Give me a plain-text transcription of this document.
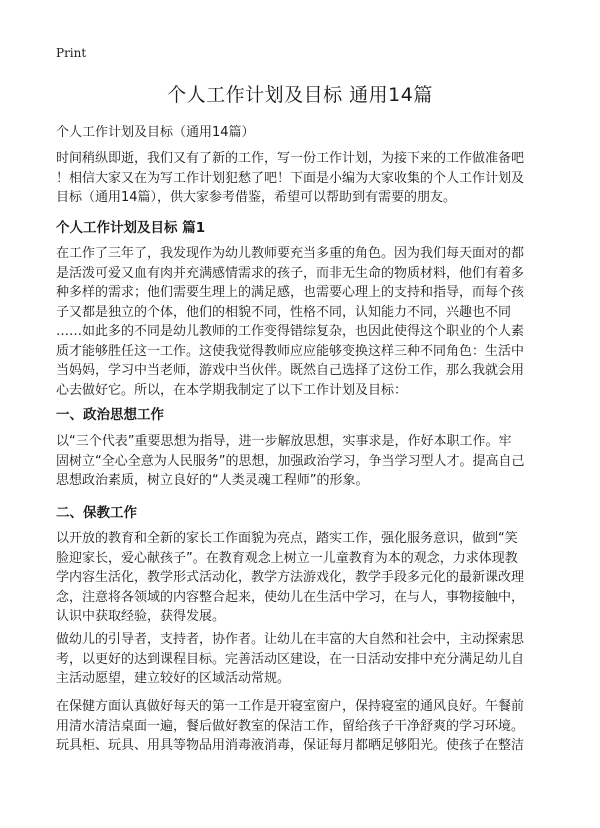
Print
个人工作计划及目标 通用14篇
个人工作计划及目标（通用14篇）
时间稍纵即逝，我们又有了新的工作，写一份工作计划，为接下来的工作做准备吧
！相信大家又在为写工作计划犯愁了吧！下面是小编为大家收集的个人工作计划及
目标（通用14篇），供大家参考借鉴，希望可以帮助到有需要的朋友。
个人工作计划及目标 篇1
在工作了三年了，我发现作为幼儿教师要充当多重的角色。因为我们每天面对的都
是活泼可爱又血有肉并充满感情需求的孩子，而非无生命的物质材料，他们有着多
种多样的需求；他们需要生理上的满足感，也需要心理上的支持和指导，而每个孩
子又都是独立的个体，他们的相貌不同，性格不同，认知能力不同，兴趣也不同
……如此多的不同是幼儿教师的工作变得错综复杂，也因此使得这个职业的个人素
质才能够胜任这一工作。这使我觉得教师应应能够变换这样三种不同角色：生活中
当妈妈，学习中当老师，游戏中当伙伴。既然自己选择了这份工作，那么我就会用
心去做好它。所以，在本学期我制定了以下工作计划及目标：
一、政治思想工作
以“三个代表”重要思想为指导，进一步解放思想，实事求是，作好本职工作。牢
固树立“全心全意为人民服务”的思想，加强政治学习，争当学习型人才。提高自己
思想政治素质，树立良好的“人类灵魂工程师”的形象。
二、保教工作
以开放的教育和全新的家长工作面貌为亮点，踏实工作，强化服务意识，做到“笑
脸迎家长，爱心献孩子”。在教育观念上树立一儿童教育为本的观念，力求体现教
学内容生活化，教学形式活动化，教学方法游戏化，教学手段多元化的最新课改理
念，注意将各领域的内容整合起来，使幼儿在生活中学习，在与人，事物接触中，
认识中获取经验，获得发展。
做幼儿的引导者，支持者，协作者。让幼儿在丰富的大自然和社会中，主动探索思
考，以更好的达到课程目标。完善活动区建设，在一日活动安排中充分满足幼儿自
主活动愿望，建立较好的区域活动常规。
在保健方面认真做好每天的第一工作是开寝室窗户，保持寝室的通风良好。午餐前
用清水清洁桌面一遍，餐后做好教室的保洁工作，留给孩子干净舒爽的学习环境。
玩具柜、玩具、用具等物品用消毒液消毒，保证每月都晒足够阳光。使孩子在整洁
